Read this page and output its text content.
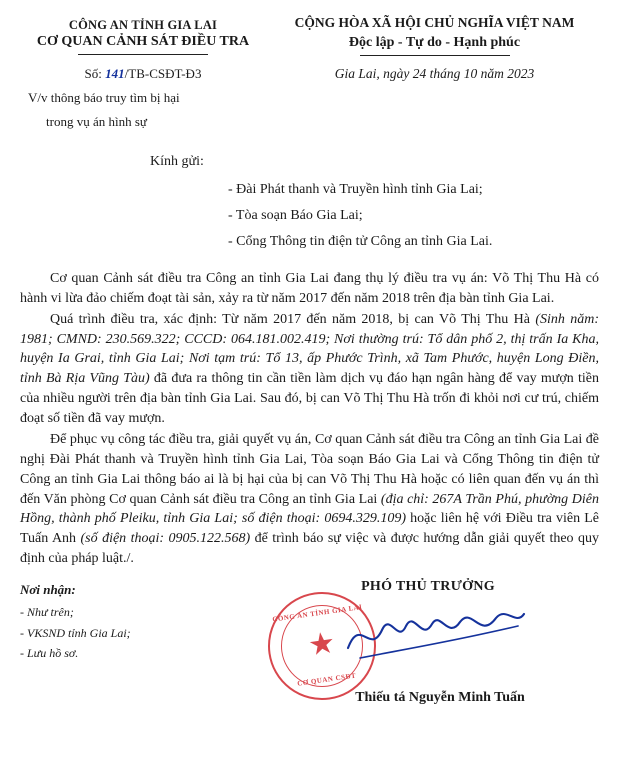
CÔNG AN TỈNH GIA LAI
CƠ QUAN CẢNH SÁT ĐIỀU TRA
CỘNG HÒA XÃ HỘI CHỦ NGHĨA VIỆT NAM
Độc lập - Tự do - Hạnh phúc
Số: 141/TB-CSĐT-Đ3
V/v thông báo truy tìm bị hại
trong vụ án hình sự
Gia Lai, ngày 24 tháng 10 năm 2023
Kính gửi:
- Đài Phát thanh và Truyền hình tỉnh Gia Lai;
- Tòa soạn Báo Gia Lai;
- Cổng Thông tin điện tử Công an tỉnh Gia Lai.

Cơ quan Cảnh sát điều tra Công an tỉnh Gia Lai đang thụ lý điều tra vụ án: Võ Thị Thu Hà có hành vi lừa đảo chiếm đoạt tài sản, xảy ra từ năm 2017 đến năm 2018 trên địa bàn tỉnh Gia Lai.

Quá trình điều tra, xác định: Từ năm 2017 đến năm 2018, bị can Võ Thị Thu Hà (Sinh năm: 1981; CMND: 230.569.322; CCCD: 064.181.002.419; Nơi thường trú: Tổ dân phố 2, thị trấn Ia Kha, huyện Ia Grai, tỉnh Gia Lai; Nơi tạm trú: Tổ 13, ấp Phước Trình, xã Tam Phước, huyện Long Điền, tỉnh Bà Rịa Vũng Tàu) đã đưa ra thông tin cần tiền làm dịch vụ đáo hạn ngân hàng để vay mượn tiền của nhiều người trên địa bàn tỉnh Gia Lai. Sau đó, bị can Võ Thị Thu Hà trốn đi khỏi nơi cư trú, chiếm đoạt số tiền đã vay mượn.

Để phục vụ công tác điều tra, giải quyết vụ án, Cơ quan Cảnh sát điều tra Công an tỉnh Gia Lai đề nghị Đài Phát thanh và Truyền hình tỉnh Gia Lai, Tòa soạn Báo Gia Lai và Cổng Thông tin điện tử Công an tỉnh Gia Lai thông báo ai là bị hại của bị can Võ Thị Thu Hà hoặc có liên quan đến vụ án thì đến Văn phòng Cơ quan Cảnh sát điều tra Công an tỉnh Gia Lai (địa chỉ: 267A Trần Phú, phường Diên Hồng, thành phố Pleiku, tỉnh Gia Lai; số điện thoại: 0694.329.109) hoặc liên hệ với Điều tra viên Lê Tuấn Anh (số điện thoại: 0905.122.568) để trình báo sự việc và được hướng dẫn giải quyết theo quy định của pháp luật./.

Nơi nhận:
- Như trên;
- VKSND tỉnh Gia Lai;
- Lưu hồ sơ.
PHÓ THỦ TRƯỞNG
CÔNG AN TỈNH GIA LAI
★
CƠ QUAN CSĐT
Thiếu tá Nguyễn Minh Tuấn
